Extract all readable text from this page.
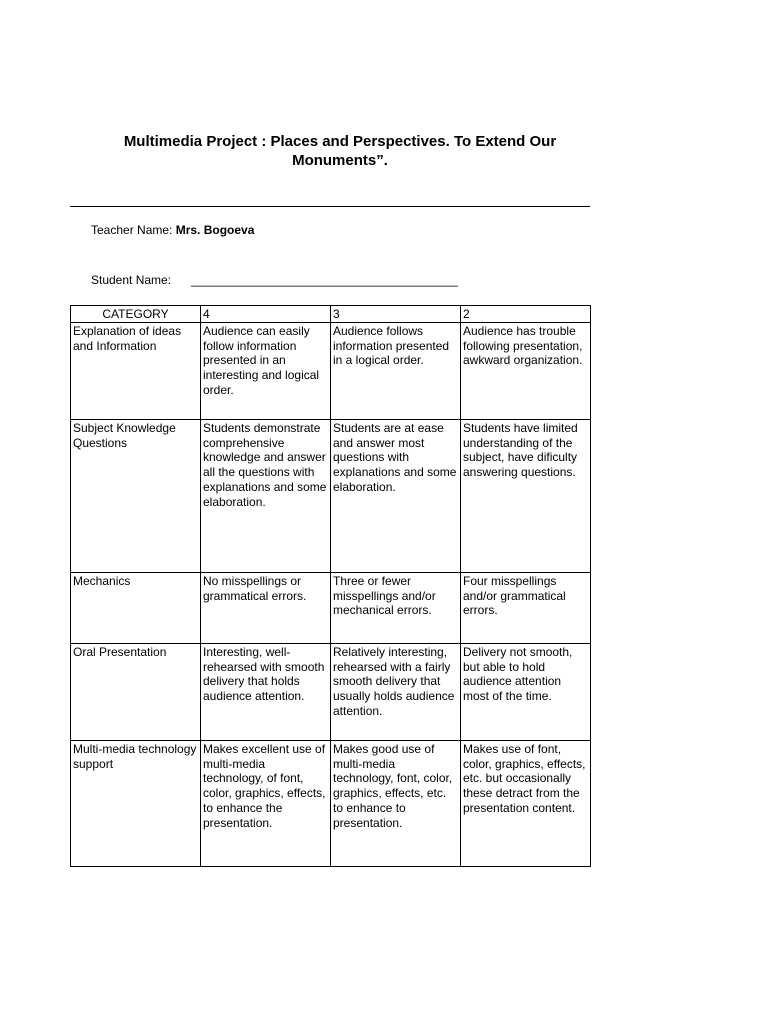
Multimedia Project : Places and Perspectives. To Extend Our
Monuments”.
Teacher Name: Mrs. Bogoeva
Student Name: ________________________________________
CATEGORY	4	3	2
Explanation of ideas and Information	Audience can easily follow information presented in an interesting and logical order.	Audience follows information presented in a logical order.	Audience has trouble following presentation, awkward organization.
Subject Knowledge Questions	Students demonstrate comprehensive knowledge and answer all the questions with explanations and some elaboration.	Students are at ease and answer most questions with explanations and some elaboration.	Students have limited understanding of the subject, have dificulty answering questions.
Mechanics	No misspellings or grammatical errors.	Three or fewer misspellings and/or mechanical errors.	Four misspellings and/or grammatical errors.
Oral Presentation	Interesting, well-rehearsed with smooth delivery that holds audience attention.	Relatively interesting, rehearsed with a fairly smooth delivery that usually holds audience attention.	Delivery not smooth, but able to hold audience attention most of the time.
Multi-media technology support	Makes excellent use of multi-media technology, of font, color, graphics, effects, to enhance the presentation.	Makes good use of multi-media technology, font, color, graphics, effects, etc. to enhance to presentation.	Makes use of font, color, graphics, effects, etc. but occasionally these detract from the presentation content.
